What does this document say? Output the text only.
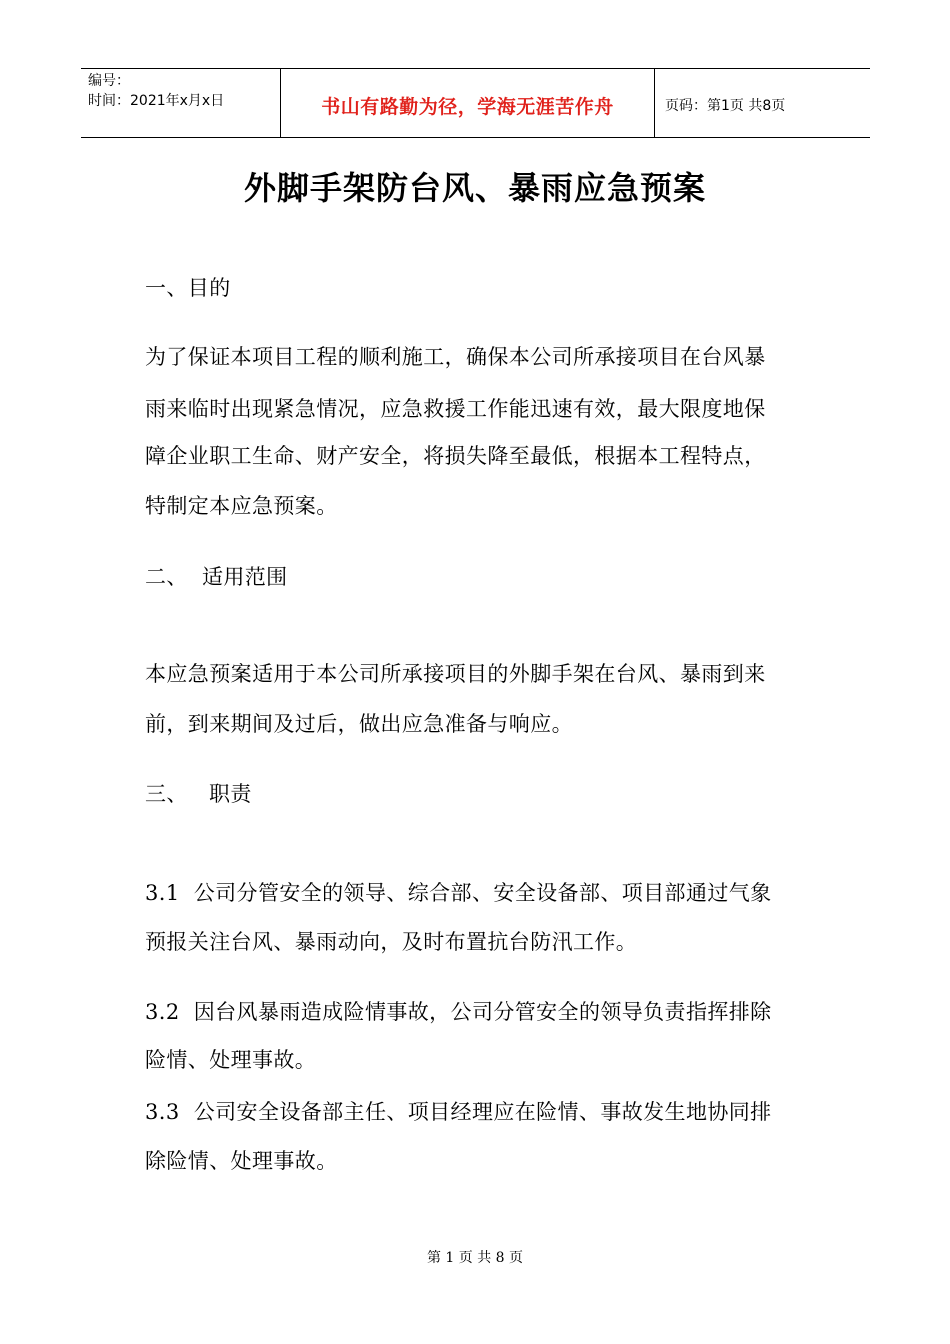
编号：
时间：2021年x月x日	书山有路勤为径，学海无涯苦作舟	页码：第1页 共8页
外脚手架防台风、暴雨应急预案
一、目的
为了保证本项目工程的顺利施工，确保本公司所承接项目在台风暴
雨来临时出现紧急情况，应急救援工作能迅速有效，最大限度地保
障企业职工生命、财产安全，将损失降至最低，根据本工程特点，
特制定本应急预案。
二、  适用范围
本应急预案适用于本公司所承接项目的外脚手架在台风、暴雨到来
前，到来期间及过后，做出应急准备与响应。
三、   职责
3.1  公司分管安全的领导、综合部、安全设备部、项目部通过气象
预报关注台风、暴雨动向，及时布置抗台防汛工作。
3.2  因台风暴雨造成险情事故，公司分管安全的领导负责指挥排除
险情、处理事故。
3.3  公司安全设备部主任、项目经理应在险情、事故发生地协同排
除险情、处理事故。
第 1 页 共 8 页
